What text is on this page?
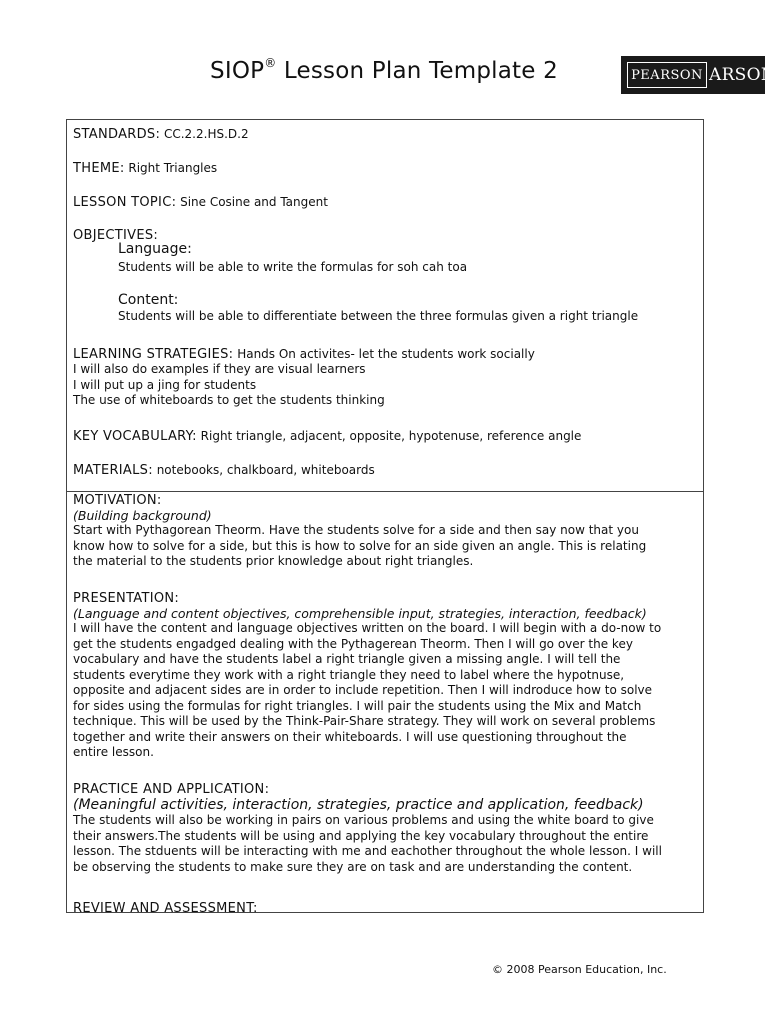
SIOP® Lesson Plan Template 2	PEARSON ARSON
STANDARDS: CC.2.2.HS.D.2
THEME: Right Triangles
LESSON TOPIC: Sine Cosine and Tangent
OBJECTIVES:
Language:
Students will be able to write the formulas for soh cah toa
Content:
Students will be able to differentiate between the three formulas given a right triangle
LEARNING STRATEGIES: Hands On activites- let the students work socially
I will also do examples if they are visual learners
I will put up a jing for students
The use of whiteboards to get the students thinking
KEY VOCABULARY: Right triangle, adjacent, opposite, hypotenuse, reference angle
MATERIALS: notebooks, chalkboard, whiteboards
MOTIVATION:
(Building background)
Start with Pythagorean Theorm. Have the students solve for a side and then say now that you
know how to solve for a side, but this is how to solve for an side given an angle. This is relating
the material to the students prior knowledge about right triangles.
PRESENTATION:
(Language and content objectives, comprehensible input, strategies, interaction, feedback)
I will have the content and language objectives written on the board. I will begin with a do-now to
get the students engadged dealing with the Pythagerean Theorm. Then I will go over the key
vocabulary and have the students label a right triangle given a missing angle. I will tell the
students everytime they work with a right triangle they need to label where the hypotnuse,
opposite and adjacent sides are in order to include repetition. Then I will indroduce how to solve
for sides using the formulas for right triangles. I will pair the students using the Mix and Match
technique. This will be used by the Think-Pair-Share strategy. They will work on several problems
together and write their answers on their whiteboards. I will use questioning throughout the
entire lesson.
PRACTICE AND APPLICATION:
(Meaningful activities, interaction, strategies, practice and application, feedback)
The students will also be working in pairs on various problems and using the white board to give
their answers.The students will be using and applying the key vocabulary throughout the entire
lesson. The stduents will be interacting with me and eachother throughout the whole lesson. I will
be observing the students to make sure they are on task and are understanding the content.
REVIEW AND ASSESSMENT:
© 2008 Pearson Education, Inc.
